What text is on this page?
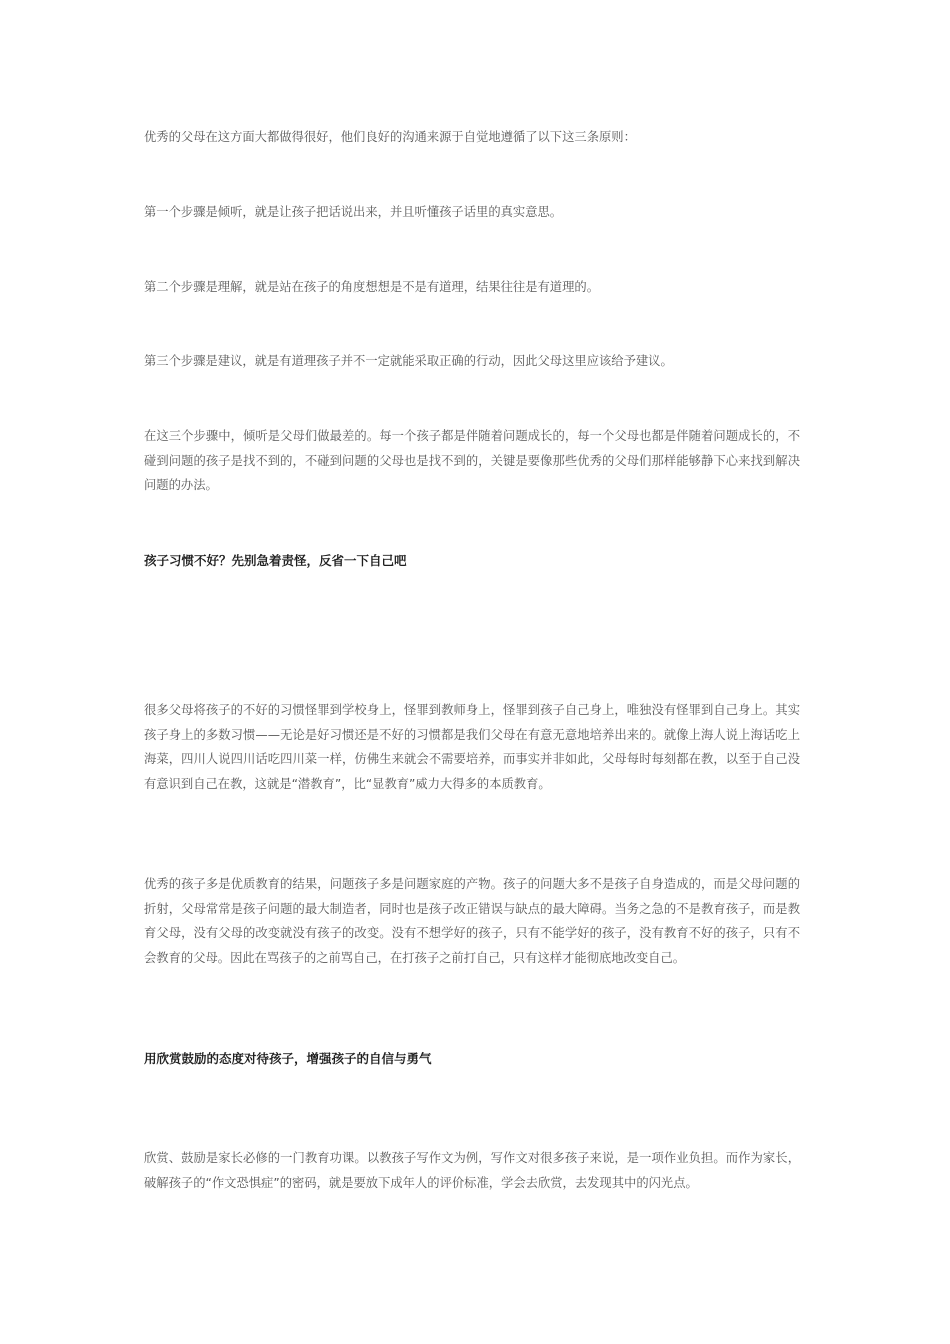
优秀的父母在这方面大都做得很好，他们良好的沟通来源于自觉地遵循了以下这三条原则：

第一个步骤是倾听，就是让孩子把话说出来，并且听懂孩子话里的真实意思。

第二个步骤是理解，就是站在孩子的角度想想是不是有道理，结果往往是有道理的。

第三个步骤是建议，就是有道理孩子并不一定就能采取正确的行动，因此父母这里应该给予建议。

在这三个步骤中，倾听是父母们做最差的。每一个孩子都是伴随着问题成长的，每一个父母也都是伴随着问题成长的，不碰到问题的孩子是找不到的，不碰到问题的父母也是找不到的，关键是要像那些优秀的父母们那样能够静下心来找到解决问题的办法。

孩子习惯不好？先别急着责怪，反省一下自己吧

很多父母将孩子的不好的习惯怪罪到学校身上，怪罪到教师身上，怪罪到孩子自己身上，唯独没有怪罪到自己身上。其实孩子身上的多数习惯——无论是好习惯还是不好的习惯都是我们父母在有意无意地培养出来的。就像上海人说上海话吃上海菜，四川人说四川话吃四川菜一样，仿佛生来就会不需要培养，而事实并非如此，父母每时每刻都在教，以至于自己没有意识到自己在教，这就是“潜教育”，比“显教育”威力大得多的本质教育。

优秀的孩子多是优质教育的结果，问题孩子多是问题家庭的产物。孩子的问题大多不是孩子自身造成的，而是父母问题的折射，父母常常是孩子问题的最大制造者，同时也是孩子改正错误与缺点的最大障碍。当务之急的不是教育孩子，而是教育父母，没有父母的改变就没有孩子的改变。没有不想学好的孩子，只有不能学好的孩子，没有教育不好的孩子，只有不会教育的父母。因此在骂孩子的之前骂自己，在打孩子之前打自己，只有这样才能彻底地改变自己。

用欣赏鼓励的态度对待孩子，增强孩子的自信与勇气

欣赏、鼓励是家长必修的一门教育功课。以教孩子写作文为例，写作文对很多孩子来说，是一项作业负担。而作为家长，破解孩子的“作文恐惧症”的密码，就是要放下成年人的评价标准，学会去欣赏，去发现其中的闪光点。
